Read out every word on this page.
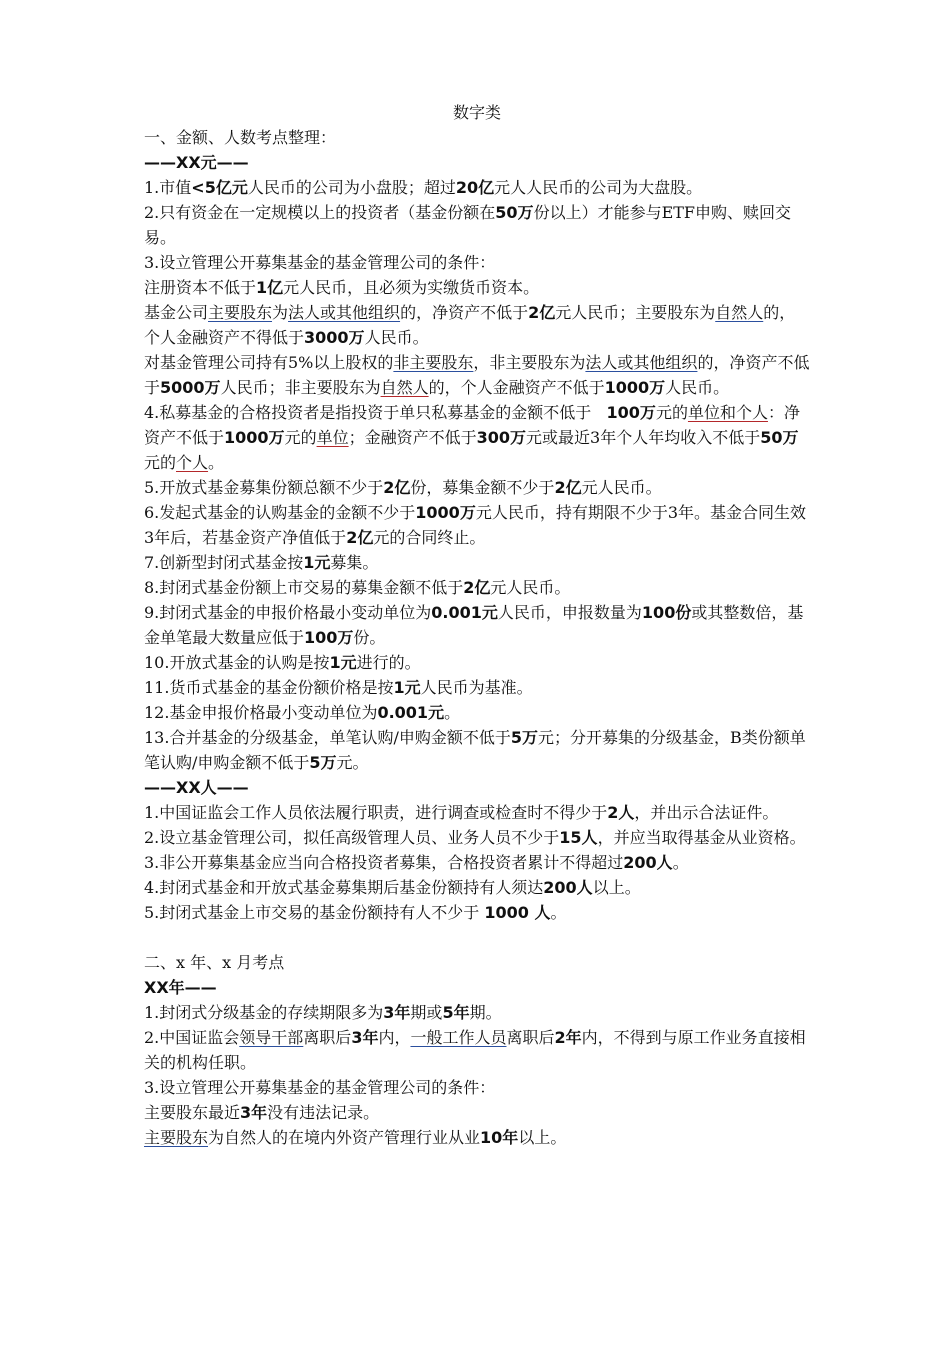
数字类

一、金额、人数考点整理：

——XX元——

1.市值<5亿元人民币的公司为小盘股；超过20亿元人人民币的公司为大盘股。

2.只有资金在一定规模以上的投资者（基金份额在50万份以上）才能参与ETF申购、赎回交易。

3.设立管理公开募集基金的基金管理公司的条件：

注册资本不低于1亿元人民币，且必须为实缴货币资本。

基金公司主要股东为法人或其他组织的，净资产不低于2亿元人民币；主要股东为自然人的，个人金融资产不得低于3000万人民币。

对基金管理公司持有5%以上股权的非主要股东，非主要股东为法人或其他组织的，净资产不低于5000万人民币；非主要股东为自然人的，个人金融资产不低于1000万人民币。

4.私募基金的合格投资者是指投资于单只私募基金的金额不低于   100万元的单位和个人：净资产不低于1000万元的单位；金融资产不低于300万元或最近3年个人年均收入不低于50万元的个人。

5.开放式基金募集份额总额不少于2亿份，募集金额不少于2亿元人民币。

6.发起式基金的认购基金的金额不少于1000万元人民币，持有期限不少于3年。基金合同生效3年后，若基金资产净值低于2亿元的合同终止。

7.创新型封闭式基金按1元募集。

8.封闭式基金份额上市交易的募集金额不低于2亿元人民币。

9.封闭式基金的申报价格最小变动单位为0.001元人民币，申报数量为100份或其整数倍，基金单笔最大数量应低于100万份。

10.开放式基金的认购是按1元进行的。

11.货币式基金的基金份额价格是按1元人民币为基准。

12.基金申报价格最小变动单位为0.001元。

13.合并基金的分级基金，单笔认购/申购金额不低于5万元；分开募集的分级基金，B类份额单笔认购/申购金额不低于5万元。

——XX人——

1.中国证监会工作人员依法履行职责，进行调查或检查时不得少于2人，并出示合法证件。

2.设立基金管理公司，拟任高级管理人员、业务人员不少于15人，并应当取得基金从业资格。

3.非公开募集基金应当向合格投资者募集，合格投资者累计不得超过200人。

4.封闭式基金和开放式基金募集期后基金份额持有人须达200人以上。

5.封闭式基金上市交易的基金份额持有人不少于 1000 人。

二、x 年、x 月考点

XX年——

1.封闭式分级基金的存续期限多为3年期或5年期。

2.中国证监会领导干部离职后3年内，一般工作人员离职后2年内，不得到与原工作业务直接相关的机构任职。

3.设立管理公开募集基金的基金管理公司的条件：

主要股东最近3年没有违法记录。

主要股东为自然人的在境内外资产管理行业从业10年以上。
